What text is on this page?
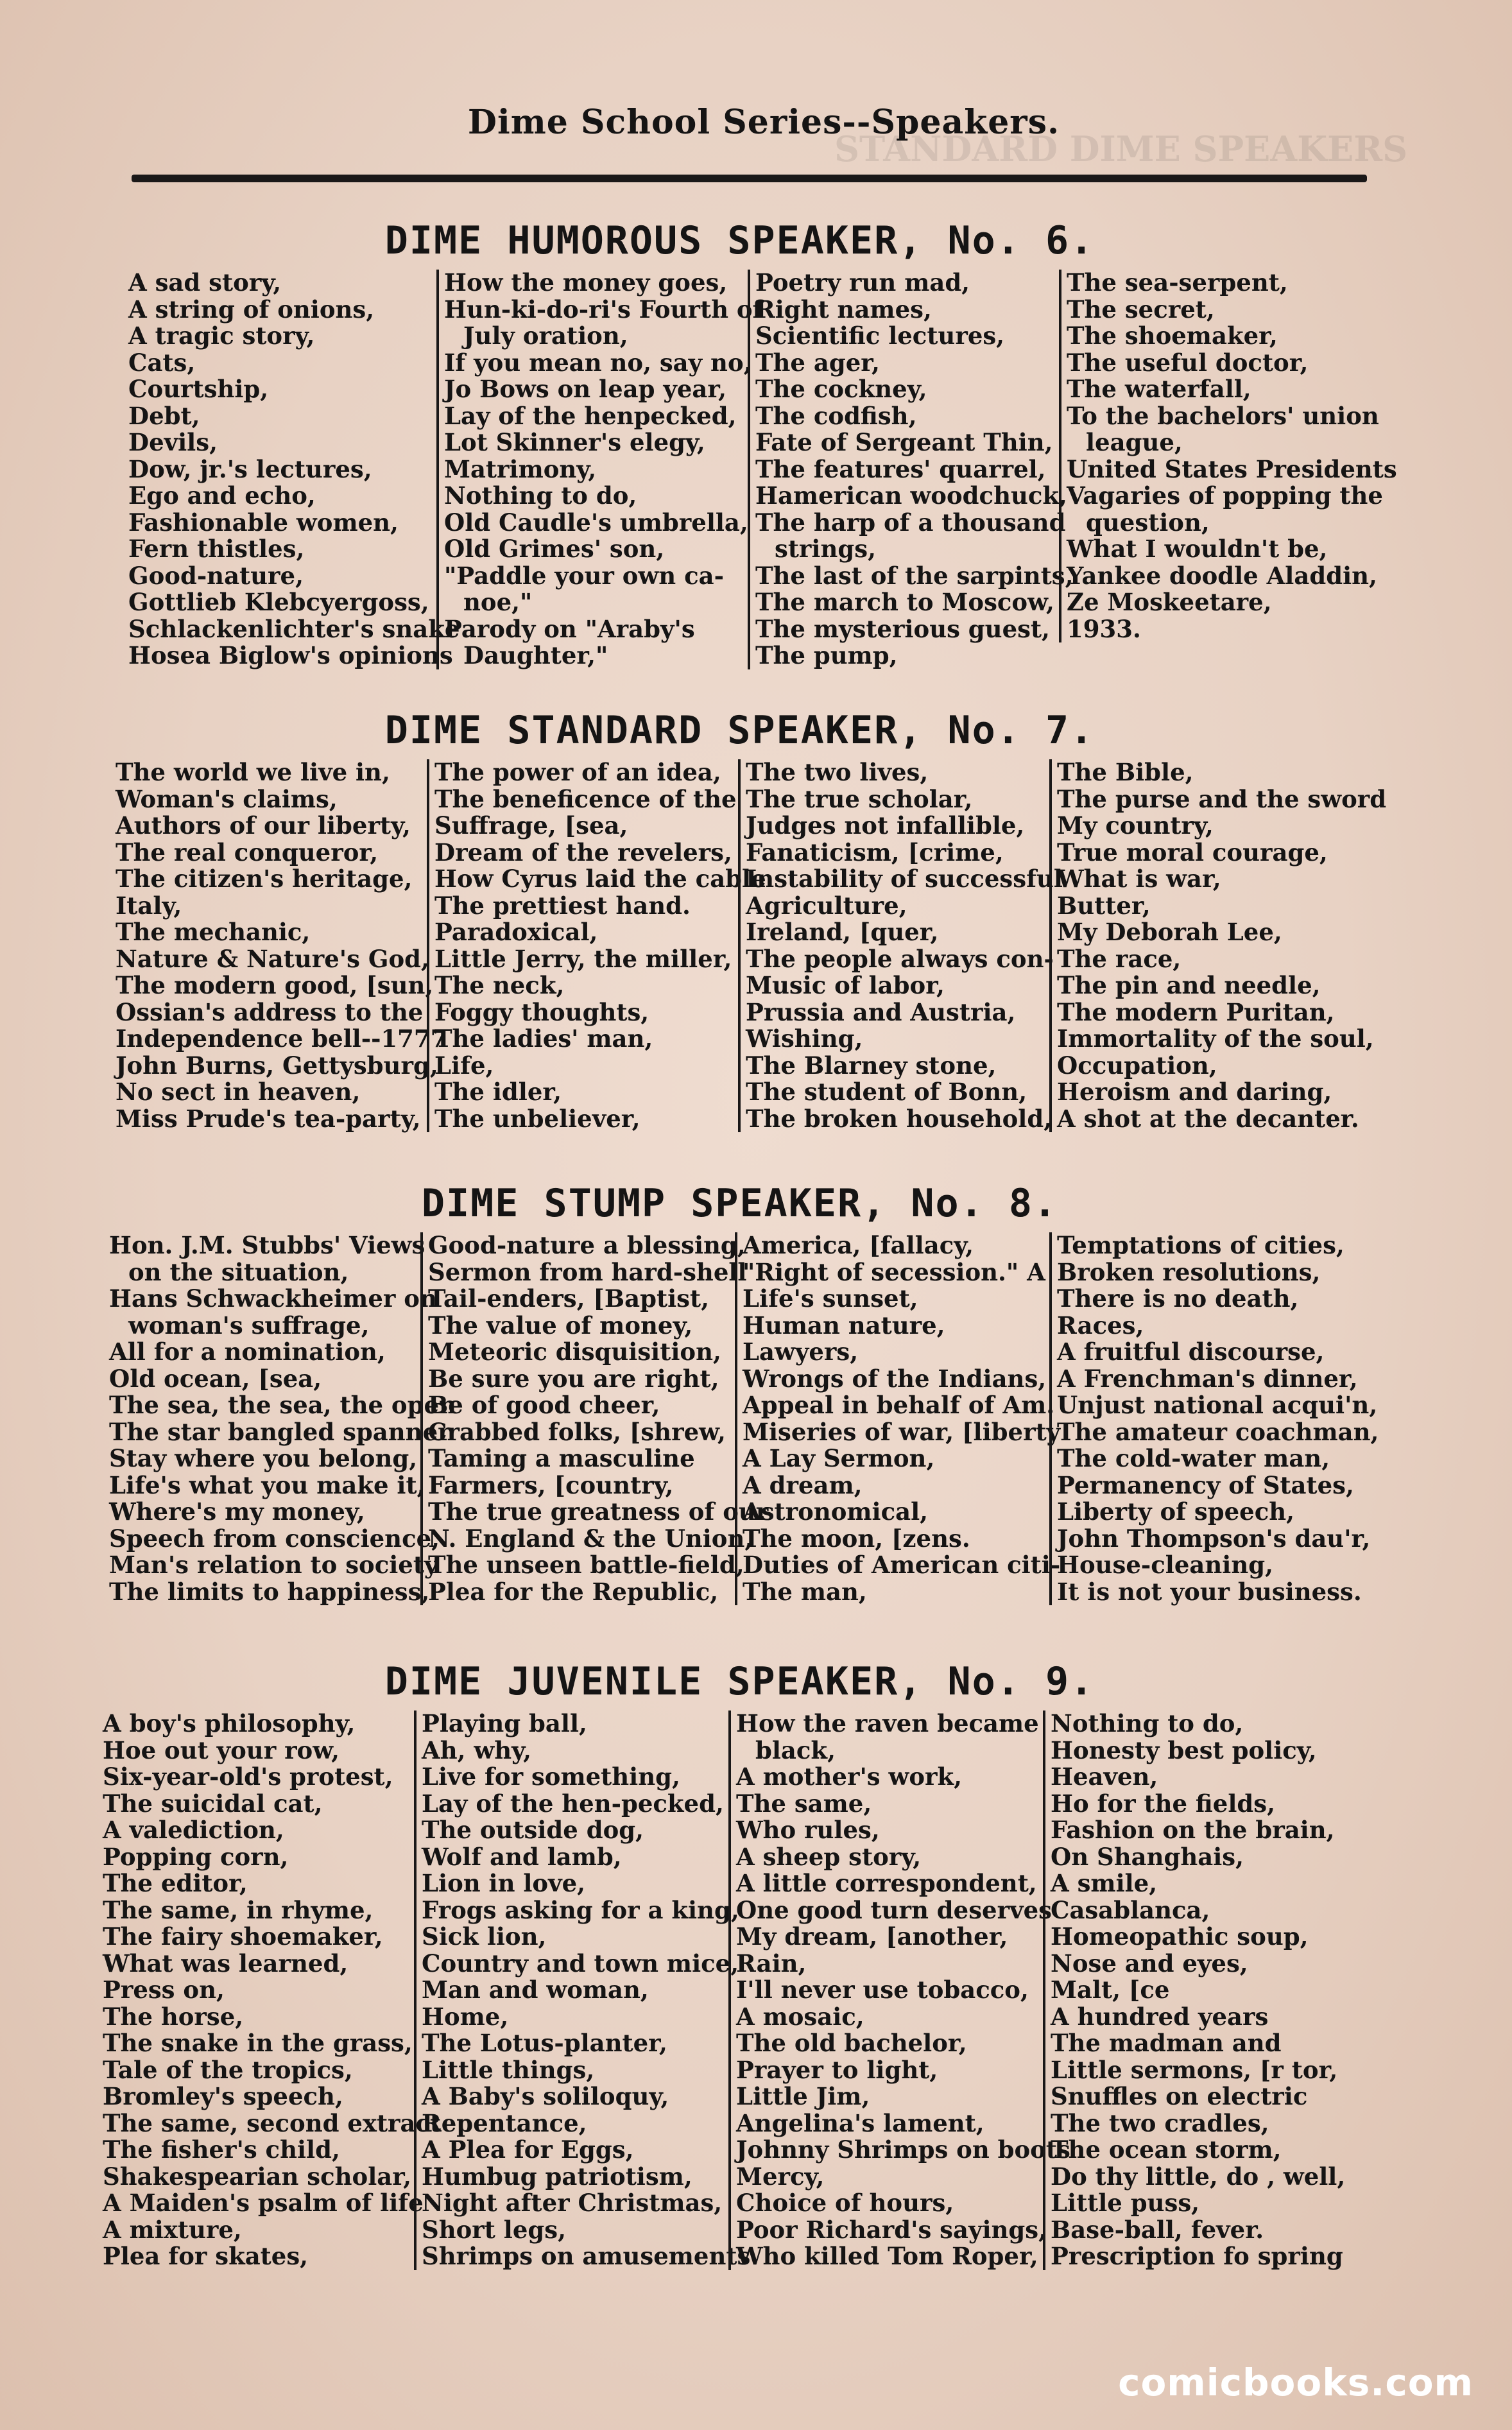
STANDARD DIME SPEAKERS
Dime School Series--Speakers.
DIME HUMOROUS SPEAKER, No. 6.
A sad story,
A string of onions,
A tragic story,
Cats,
Courtship,
Debt,
Devils,
Dow, jr.'s lectures,
Ego and echo,
Fashionable women,
Fern thistles,
Good-nature,
Gottlieb Klebcyergoss,
Schlackenlichter's snake
Hosea Biglow's opinions
How the money goes,
Hun-ki-do-ri's Fourth of
July oration,
If you mean no, say no,
Jo Bows on leap year,
Lay of the henpecked,
Lot Skinner's elegy,
Matrimony,
Nothing to do,
Old Caudle's umbrella,
Old Grimes' son,
"Paddle your own ca-
noe,"
Parody on "Araby's
Daughter,"
Poetry run mad,
Right names,
Scientific lectures,
The ager,
The cockney,
The codfish,
Fate of Sergeant Thin,
The features' quarrel,
Hamerican woodchuck,
The harp of a thousand
strings,
The last of the sarpints,
The march to Moscow,
The mysterious guest,
The pump,
The sea-serpent,
The secret,
The shoemaker,
The useful doctor,
The waterfall,
To the bachelors' union
league,
United States Presidents
Vagaries of popping the
question,
What I wouldn't be,
Yankee doodle Aladdin,
Ze Moskeetare,
1933.
DIME STANDARD SPEAKER, No. 7.
The world we live in,
Woman's claims,
Authors of our liberty,
The real conqueror,
The citizen's heritage,
Italy,
The mechanic,
Nature & Nature's God,
The modern good, [sun,
Ossian's address to the
Independence bell--1777
John Burns, Gettysburg,
No sect in heaven,
Miss Prude's tea-party,
The power of an idea,
The beneficence of the
Suffrage, [sea,
Dream of the revelers,
How Cyrus laid the cable
The prettiest hand.
Paradoxical,
Little Jerry, the miller,
The neck,
Foggy thoughts,
The ladies' man,
Life,
The idler,
The unbeliever,
The two lives,
The true scholar,
Judges not infallible,
Fanaticism, [crime,
Instability of successful
Agriculture,
Ireland, [quer,
The people always con-
Music of labor,
Prussia and Austria,
Wishing,
The Blarney stone,
The student of Bonn,
The broken household,
The Bible,
The purse and the sword
My country,
True moral courage,
What is war,
Butter,
My Deborah Lee,
The race,
The pin and needle,
The modern Puritan,
Immortality of the soul,
Occupation,
Heroism and daring,
A shot at the decanter.
DIME STUMP SPEAKER, No. 8.
Hon. J.M. Stubbs' Views
on the situation,
Hans Schwackheimer on
woman's suffrage,
All for a nomination,
Old ocean, [sea,
The sea, the sea, the open
The star bangled spanner
Stay where you belong,
Life's what you make it,
Where's my money,
Speech from conscience,
Man's relation to society
The limits to happiness,
Good-nature a blessing,
Sermon from hard-shell
Tail-enders, [Baptist,
The value of money,
Meteoric disquisition,
Be sure you are right,
Be of good cheer,
Crabbed folks, [shrew,
Taming a masculine
Farmers, [country,
The true greatness of our
N. England & the Union,
The unseen battle-field,
Plea for the Republic,
America, [fallacy,
"Right of secession." A
Life's sunset,
Human nature,
Lawyers,
Wrongs of the Indians,
Appeal in behalf of Am.
Miseries of war, [liberty
A Lay Sermon,
A dream,
Astronomical,
The moon, [zens.
Duties of American citi-
The man,
Temptations of cities,
Broken resolutions,
There is no death,
Races,
A fruitful discourse,
A Frenchman's dinner,
Unjust national acqui'n,
The amateur coachman,
The cold-water man,
Permanency of States,
Liberty of speech,
John Thompson's dau'r,
House-cleaning,
It is not your business.
DIME JUVENILE SPEAKER, No. 9.
A boy's philosophy,
Hoe out your row,
Six-year-old's protest,
The suicidal cat,
A valediction,
Popping corn,
The editor,
The same, in rhyme,
The fairy shoemaker,
What was learned,
Press on,
The horse,
The snake in the grass,
Tale of the tropics,
Bromley's speech,
The same, second extract
The fisher's child,
Shakespearian scholar,
A Maiden's psalm of life
A mixture,
Plea for skates,
Playing ball,
Ah, why,
Live for something,
Lay of the hen-pecked,
The outside dog,
Wolf and lamb,
Lion in love,
Frogs asking for a king,
Sick lion,
Country and town mice,
Man and woman,
Home,
The Lotus-planter,
Little things,
A Baby's soliloquy,
Repentance,
A Plea for Eggs,
Humbug patriotism,
Night after Christmas,
Short legs,
Shrimps on amusements
How the raven became
black,
A mother's work,
The same,
Who rules,
A sheep story,
A little correspondent,
One good turn deserves
My dream, [another,
Rain,
I'll never use tobacco,
A mosaic,
The old bachelor,
Prayer to light,
Little Jim,
Angelina's lament,
Johnny Shrimps on boots
Mercy,
Choice of hours,
Poor Richard's sayings,
Who killed Tom Roper,
Nothing to do,
Honesty best policy,
Heaven,
Ho for the fields,
Fashion on the brain,
On Shanghais,
A smile,
Casablanca,
Homeopathic soup,
Nose and eyes,
Malt, [ce
A hundred years
The madman and
Little sermons, [r tor,
Snuffles on electric
The two cradles,
The ocean storm,
Do thy little, do , well,
Little puss,
Base-ball, fever.
Prescription fo spring
comicbooks.com
